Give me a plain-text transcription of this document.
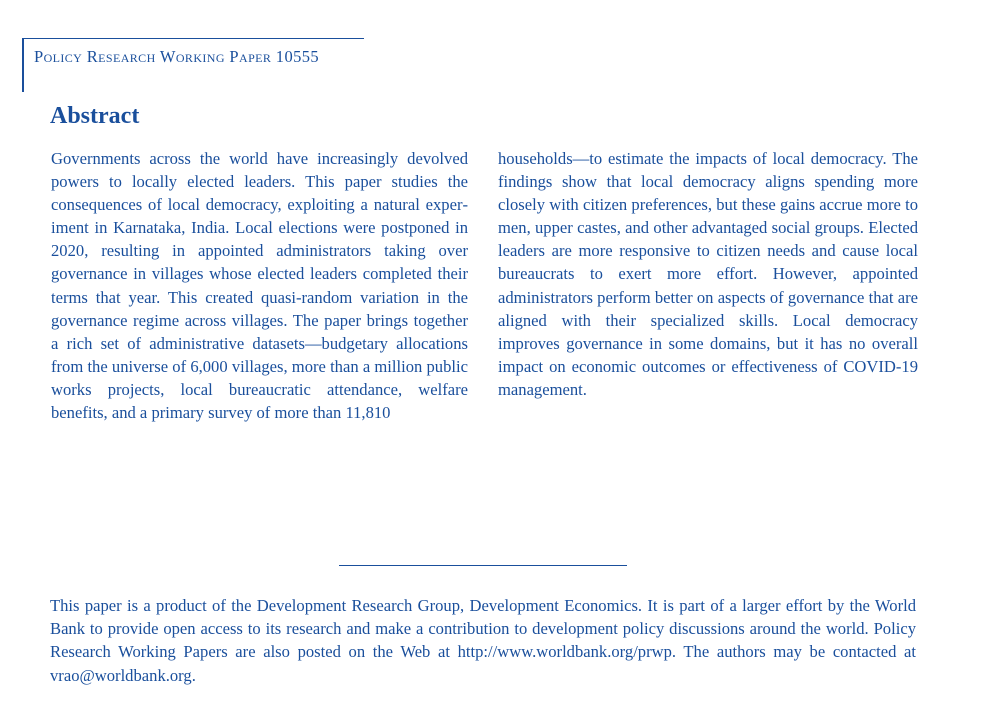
Policy Research Working Paper 10555

Abstract

Governments across the world have increasingly devolved powers to locally elected leaders. This paper studies the consequences of local democracy, exploiting a natural experiment in Karnataka, India. Local elections were postponed in 2020, resulting in appointed administrators taking over governance in villages whose elected leaders completed their terms that year. This created quasi-random variation in the governance regime across villages. The paper brings together a rich set of administrative datasets—budgetary allocations from the universe of 6,000 villages, more than a million public works projects, local bureaucratic attendance, welfare benefits, and a primary survey of more than 11,810

households—to estimate the impacts of local democracy. The findings show that local democracy aligns spending more closely with citizen preferences, but these gains accrue more to men, upper castes, and other advantaged social groups. Elected leaders are more responsive to citizen needs and cause local bureaucrats to exert more effort. However, appointed administrators perform better on aspects of governance that are aligned with their specialized skills. Local democracy improves governance in some domains, but it has no overall impact on economic outcomes or effectiveness of COVID-19 management.

This paper is a product of the Development Research Group, Development Economics. It is part of a larger effort by the World Bank to provide open access to its research and make a contribution to development policy discussions around the world. Policy Research Working Papers are also posted on the Web at http://www.worldbank.org/prwp. The authors may be contacted at vrao@worldbank.org.
